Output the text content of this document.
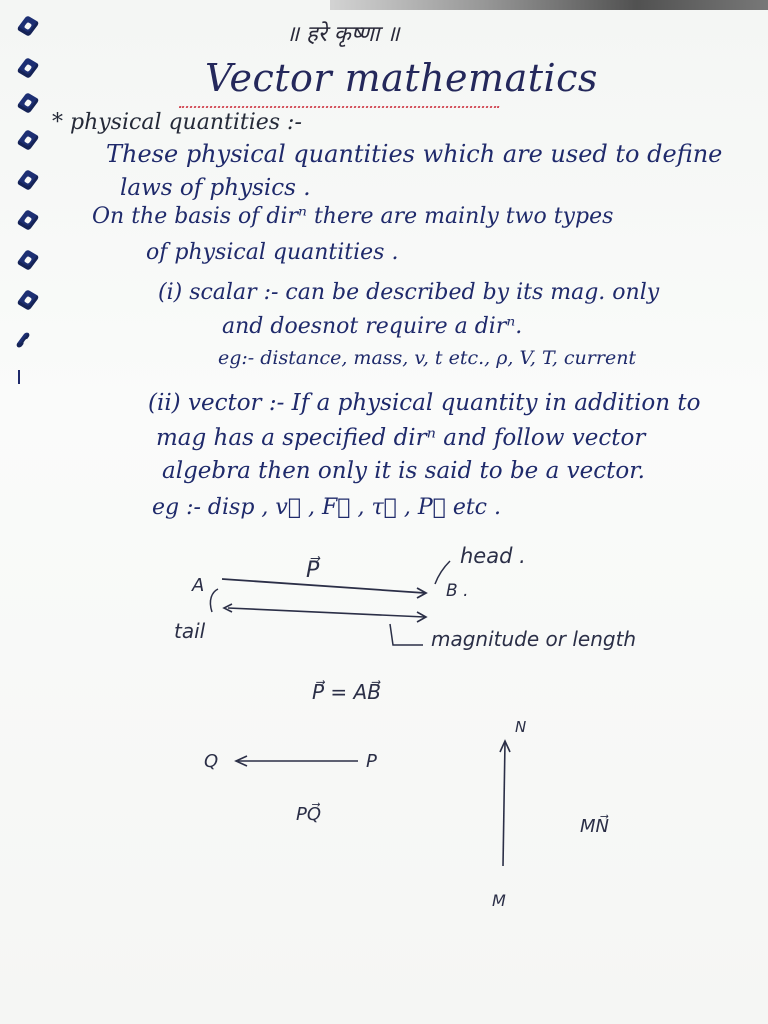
॥ हरे कृष्णा ॥
Vector mathematics
* physical quantities :-
These physical quantities which are used to define
laws of physics .
On the basis of dirⁿ there are mainly two types
of physical quantities .
(i) scalar :- can be described by its mag. only
and doesnot require a dirⁿ.
eg:- distance, mass, v, t etc., ρ, V, T, current
(ii) vector :- If a physical quantity in addition to
mag has a specified dirⁿ and follow vector
algebra then only it is said to be a vector.
eg :- disp , v⃗ , F⃗ , τ⃗ , P⃗ etc .
A	B .
P⃗
head .
tail	magnitude or length
P⃗ = AB⃗
Q	P
PQ⃗
N
M
MN⃗
